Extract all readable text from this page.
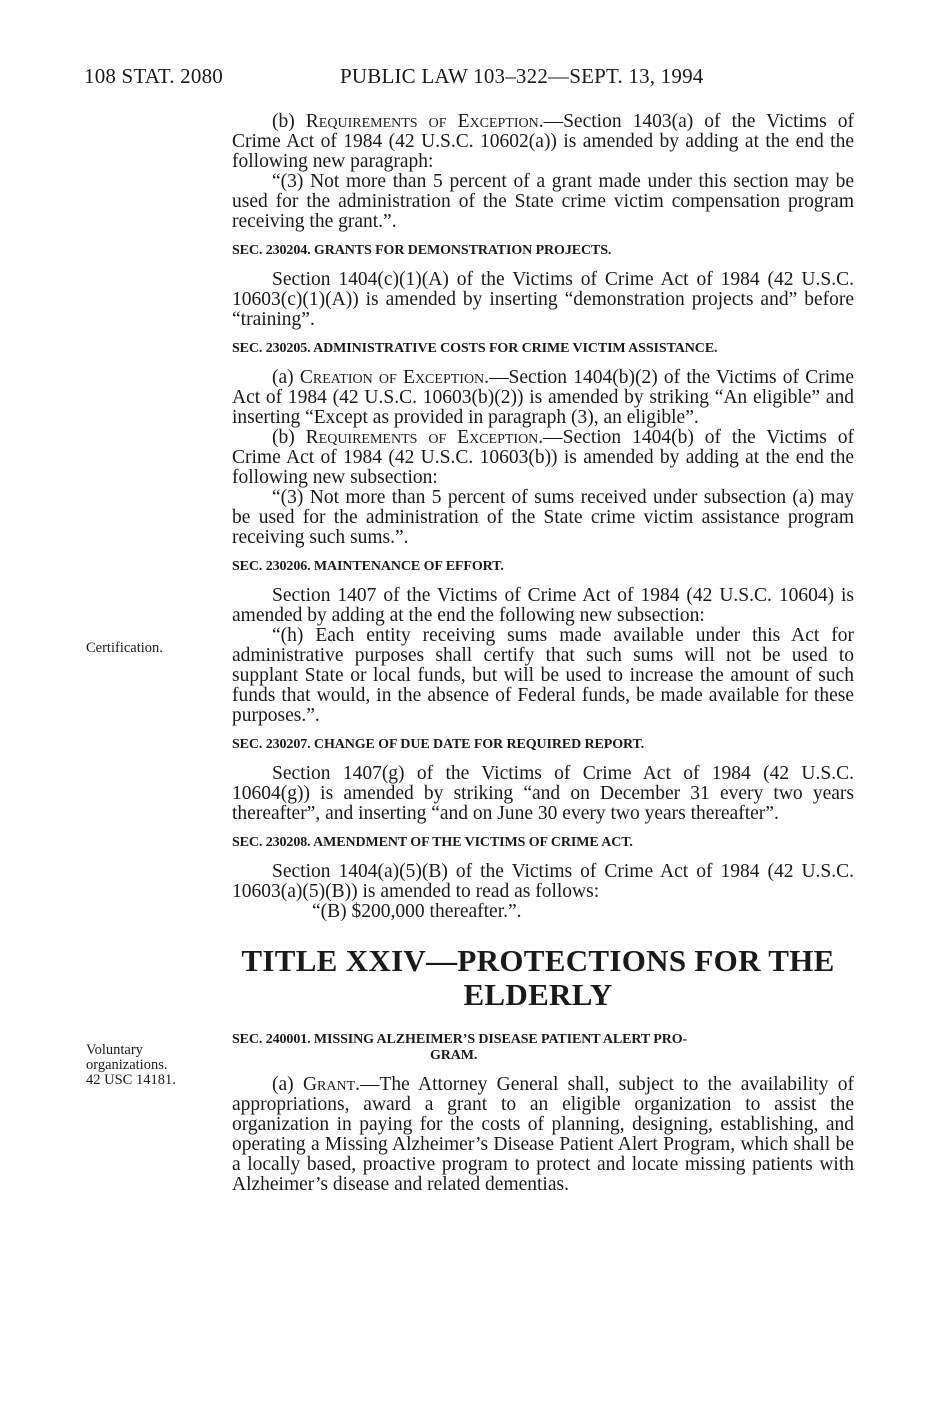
108 STAT. 2080	PUBLIC LAW 103–322—SEPT. 13, 1994
Certification.
Voluntary
organizations.
42 USC 14181.

(b) Requirements of Exception.—Section 1403(a) of the Victims of Crime Act of 1984 (42 U.S.C. 10602(a)) is amended by adding at the end the following new paragraph:

“(3) Not more than 5 percent of a grant made under this section may be used for the administration of the State crime victim compensation program receiving the grant.”.

SEC. 230204. GRANTS FOR DEMONSTRATION PROJECTS.

Section 1404(c)(1)(A) of the Victims of Crime Act of 1984 (42 U.S.C. 10603(c)(1)(A)) is amended by inserting “demonstration projects and” before “training”.

SEC. 230205. ADMINISTRATIVE COSTS FOR CRIME VICTIM ASSISTANCE.

(a) Creation of Exception.—Section 1404(b)(2) of the Victims of Crime Act of 1984 (42 U.S.C. 10603(b)(2)) is amended by striking “An eligible” and inserting “Except as provided in paragraph (3), an eligible”.

(b) Requirements of Exception.—Section 1404(b) of the Victims of Crime Act of 1984 (42 U.S.C. 10603(b)) is amended by adding at the end the following new subsection:

“(3) Not more than 5 percent of sums received under subsection (a) may be used for the administration of the State crime victim assistance program receiving such sums.”.

SEC. 230206. MAINTENANCE OF EFFORT.

Section 1407 of the Victims of Crime Act of 1984 (42 U.S.C. 10604) is amended by adding at the end the following new subsection:

“(h) Each entity receiving sums made available under this Act for administrative purposes shall certify that such sums will not be used to supplant State or local funds, but will be used to increase the amount of such funds that would, in the absence of Federal funds, be made available for these purposes.”.

SEC. 230207. CHANGE OF DUE DATE FOR REQUIRED REPORT.

Section 1407(g) of the Victims of Crime Act of 1984 (42 U.S.C. 10604(g)) is amended by striking “and on December 31 every two years thereafter”, and inserting “and on June 30 every two years thereafter”.

SEC. 230208. AMENDMENT OF THE VICTIMS OF CRIME ACT.

Section 1404(a)(5)(B) of the Victims of Crime Act of 1984 (42 U.S.C. 10603(a)(5)(B)) is amended to read as follows:

“(B) $200,000 thereafter.”.

TITLE XXIV—PROTECTIONS FOR THE
ELDERLY
SEC. 240001. MISSING ALZHEIMER’S DISEASE PATIENT ALERT PRO-
GRAM.

(a) Grant.—The Attorney General shall, subject to the availability of appropriations, award a grant to an eligible organization to assist the organization in paying for the costs of planning, designing, establishing, and operating a Missing Alzheimer’s Disease Patient Alert Program, which shall be a locally based, proactive program to protect and locate missing patients with Alzheimer’s disease and related dementias.
